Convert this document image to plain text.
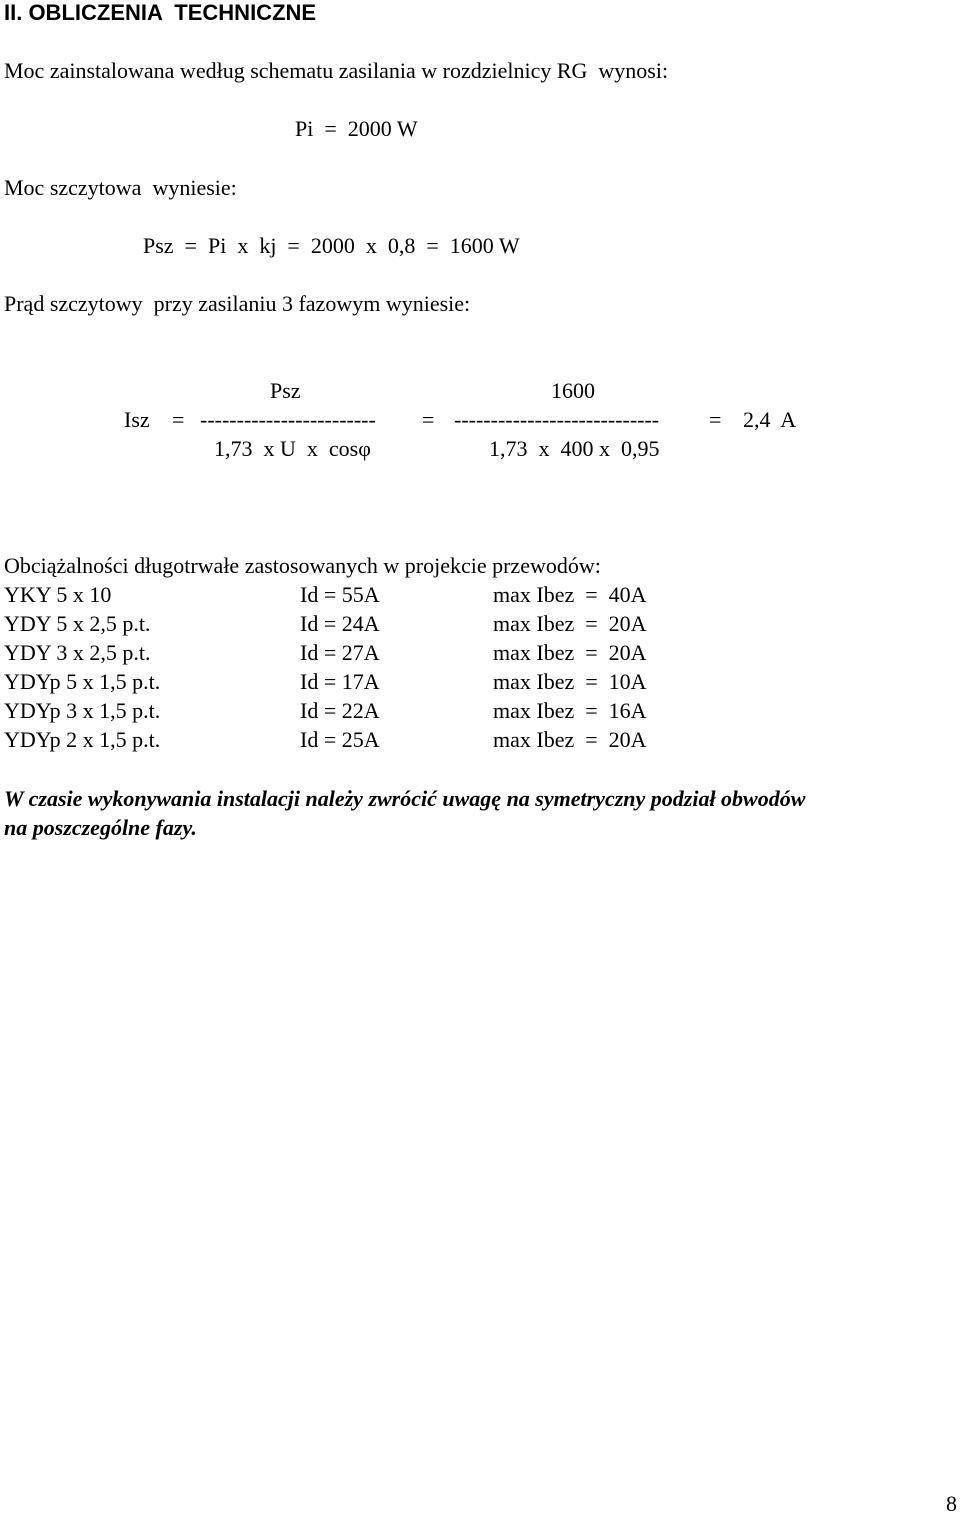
II. OBLICZENIA  TECHNICZNE
Moc zainstalowana według schematu zasilania w rozdzielnicy RG  wynosi:
Pi  =  2000 W
Moc szczytowa  wyniesie:
Psz  =  Pi  x  kj  =  2000  x  0,8  =  1600 W
Prąd szczytowy  przy zasilaniu 3 fazowym wyniesie:
Psz	1600
Isz = ------------------------ = ---------------------------- = 2,4  A
1,73  x U  x  cosφ	1,73  x  400 x  0,95
Obciążalności długotrwałe zastosowanych w projekcie przewodów:
YKY 5 x 10	Id = 55A	max Ibez  =  40A
YDY 5 x 2,5 p.t.	Id = 24A	max Ibez  =  20A
YDY 3 x 2,5 p.t.	Id = 27A	max Ibez  =  20A
YDYp 5 x 1,5 p.t.	Id = 17A	max Ibez  =  10A
YDYp 3 x 1,5 p.t.	Id = 22A	max Ibez  =  16A
YDYp 2 x 1,5 p.t.	Id = 25A	max Ibez  =  20A
W czasie wykonywania instalacji należy zwrócić uwagę na symetryczny podział obwodów
na poszczególne fazy.
8
